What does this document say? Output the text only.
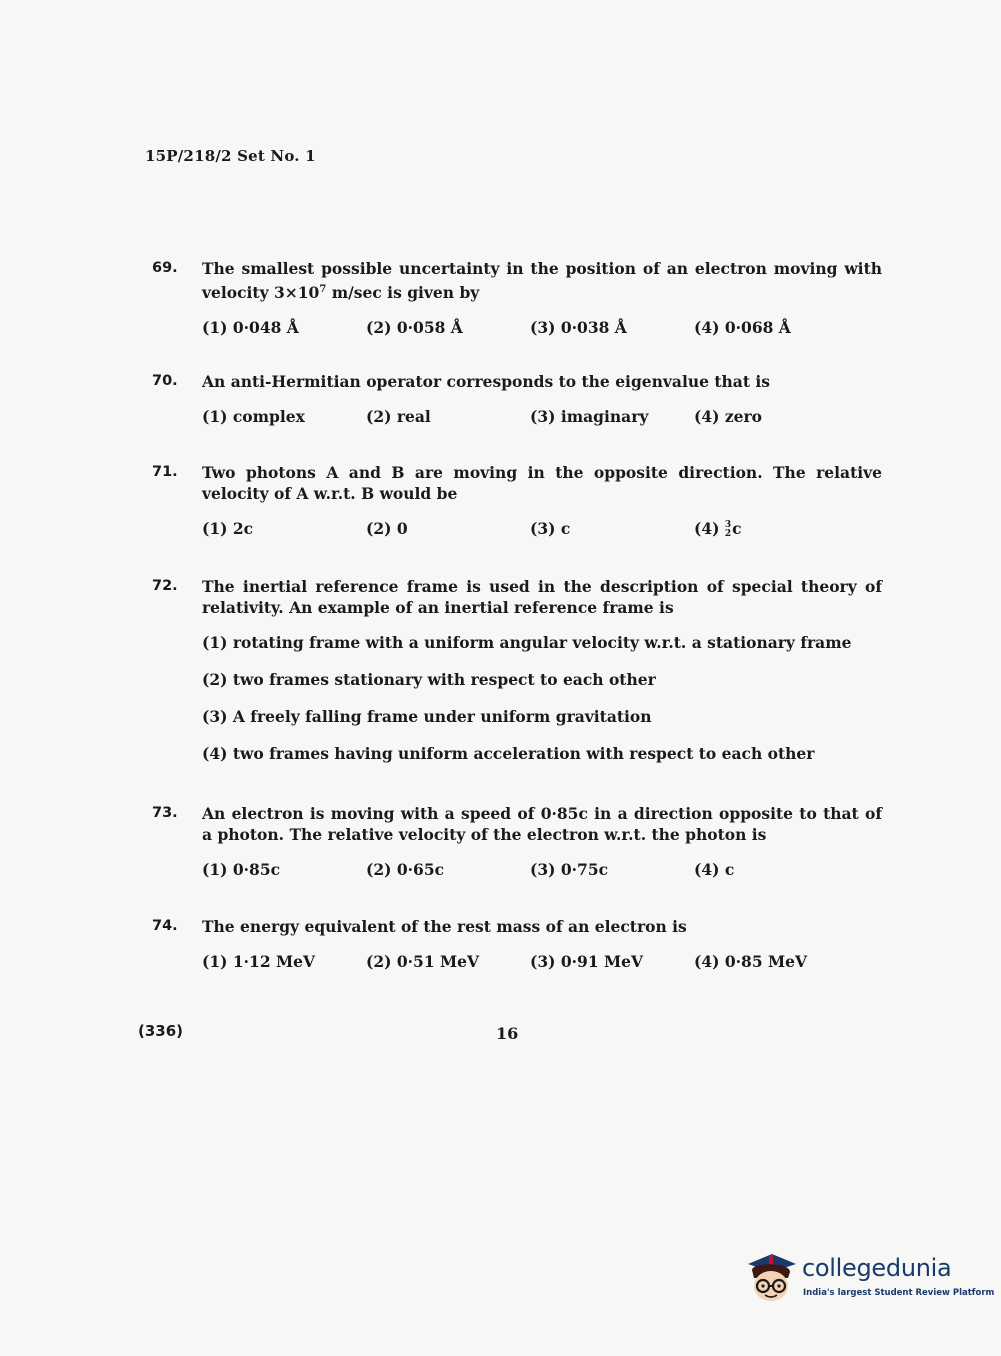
15P/218/2 Set No. 1
69. The smallest possible uncertainty in the position of an electron moving with velocity $3\times 10^7$ m/sec is given by
(1) 0·048 Å	(2) 0·058 Å	(3) 0·038 Å	(4) 0·068 Å
70. An anti-Hermitian operator corresponds to the eigenvalue that is
(1) complex	(2) real	(3) imaginary	(4) zero
71. Two photons A and B are moving in the opposite direction. The relative velocity of A w.r.t. B would be
(1) 2c	(2) 0	(3) c	(4) 3
2 c
72. The inertial reference frame is used in the description of special theory of relativity. An example of an inertial reference frame is
(1) rotating frame with a uniform angular velocity w.r.t. a stationary frame
(2) two frames stationary with respect to each other
(3) A freely falling frame under uniform gravitation
(4) two frames having uniform acceleration with respect to each other
73. An electron is moving with a speed of 0·85c in a direction opposite to that of a photon. The relative velocity of the electron w.r.t. the photon is
(1) 0·85c	(2) 0·65c	(3) 0·75c	(4) c
74. The energy equivalent of the rest mass of an electron is
(1) 1·12 MeV	(2) 0·51 MeV	(3) 0·91 MeV	(4) 0·85 MeV
(336)	16
collegedunia
India's largest Student Review Platform
